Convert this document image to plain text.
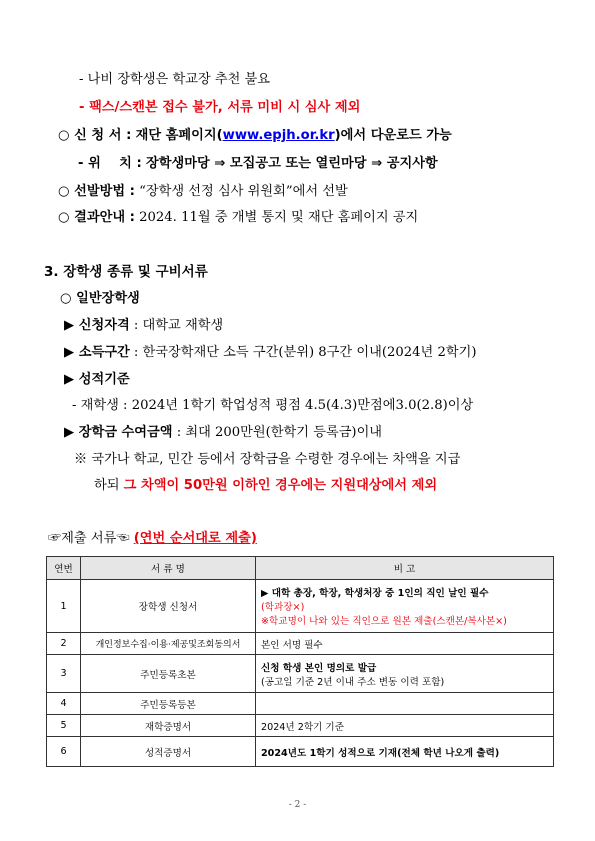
- 나비 장학생은 학교장 추천 불요
- 팩스/스캔본 접수 불가, 서류 미비 시 심사 제외
○ 신 청 서 : 재단 홈페이지(www.epjh.or.kr)에서 다운로드 가능
- 위    치 : 장학생마당 ⇒ 모집공고 또는 열린마당 ⇒ 공지사항
○ 선발방법 : “장학생 선정 심사 위원회”에서 선발
○ 결과안내 : 2024. 11월 중 개별 통지 및 재단 홈페이지 공지
3. 장학생 종류 및 구비서류
○ 일반장학생
▶ 신청자격 : 대학교 재학생
▶ 소득구간 : 한국장학재단 소득 구간(분위) 8구간 이내(2024년 2학기)
▶ 성적기준
- 재학생 : 2024년 1학기 학업성적 평점 4.5(4.3)만점에3.0(2.8)이상
▶ 장학금 수여금액 : 최대 200만원(한학기 등록금)이내
※ 국가나 학교, 민간 등에서 장학금을 수령한 경우에는 차액을 지급
하되 그 차액이 50만원 이하인 경우에는 지원대상에서 제외
☞제출 서류☜ (연번 순서대로 제출)
연번	서 류 명	비 고
1	장학생 신청서	▶ 대학 총장, 학장, 학생처장 중 1인의 직인 날인 필수
(학과장×)
※학교명이 나와 있는 직인으로 원본 제출(스캔본/복사본×)

2	개인정보수집·이용·제공및조회동의서	본인 서명 필수
3	주민등록초본	신청 학생 본인 명의로 발급
(공고일 기준 2년 이내 주소 변동 이력 포함)

4	주민등록등본	
5	재학증명서	2024년 2학기 기준
6	성적증명서	2024년도 1학기 성적으로 기재(전체 학년 나오게 출력)
- 2 -
